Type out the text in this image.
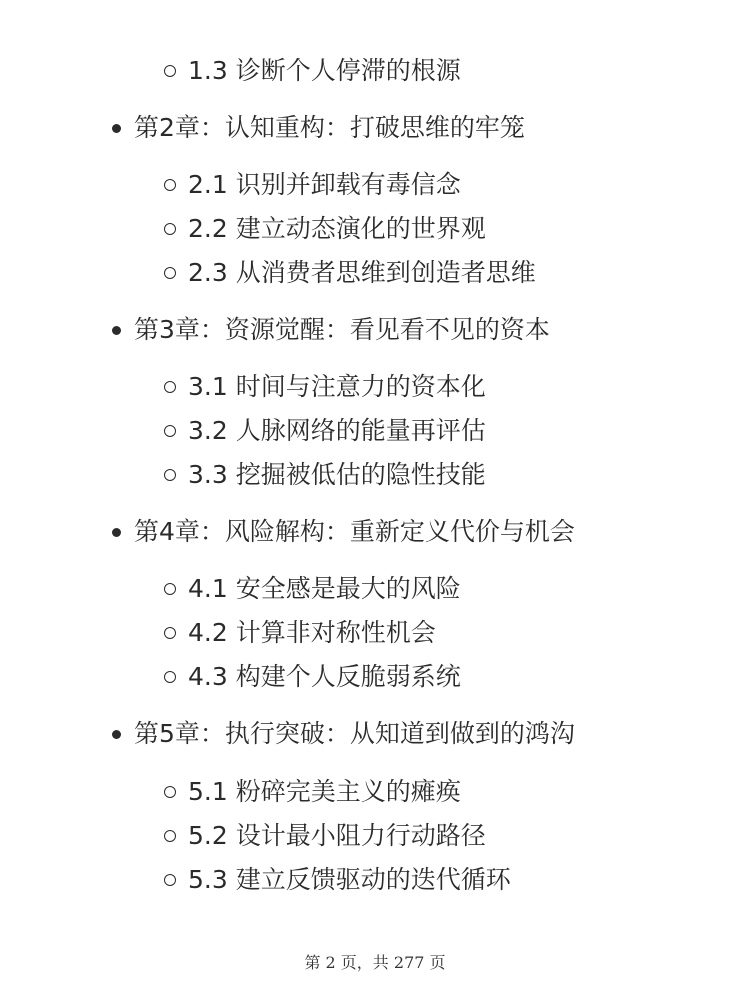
1.3 诊断个人停滞的根源
第2章：认知重构：打破思维的牢笼
2.1 识别并卸载有毒信念
2.2 建立动态演化的世界观
2.3 从消费者思维到创造者思维
第3章：资源觉醒：看见看不见的资本
3.1 时间与注意力的资本化
3.2 人脉网络的能量再评估
3.3 挖掘被低估的隐性技能
第4章：风险解构：重新定义代价与机会
4.1 安全感是最大的风险
4.2 计算非对称性机会
4.3 构建个人反脆弱系统
第5章：执行突破：从知道到做到的鸿沟
5.1 粉碎完美主义的瘫痪
5.2 设计最小阻力行动路径
5.3 建立反馈驱动的迭代循环
第 2 页，共 277 页
